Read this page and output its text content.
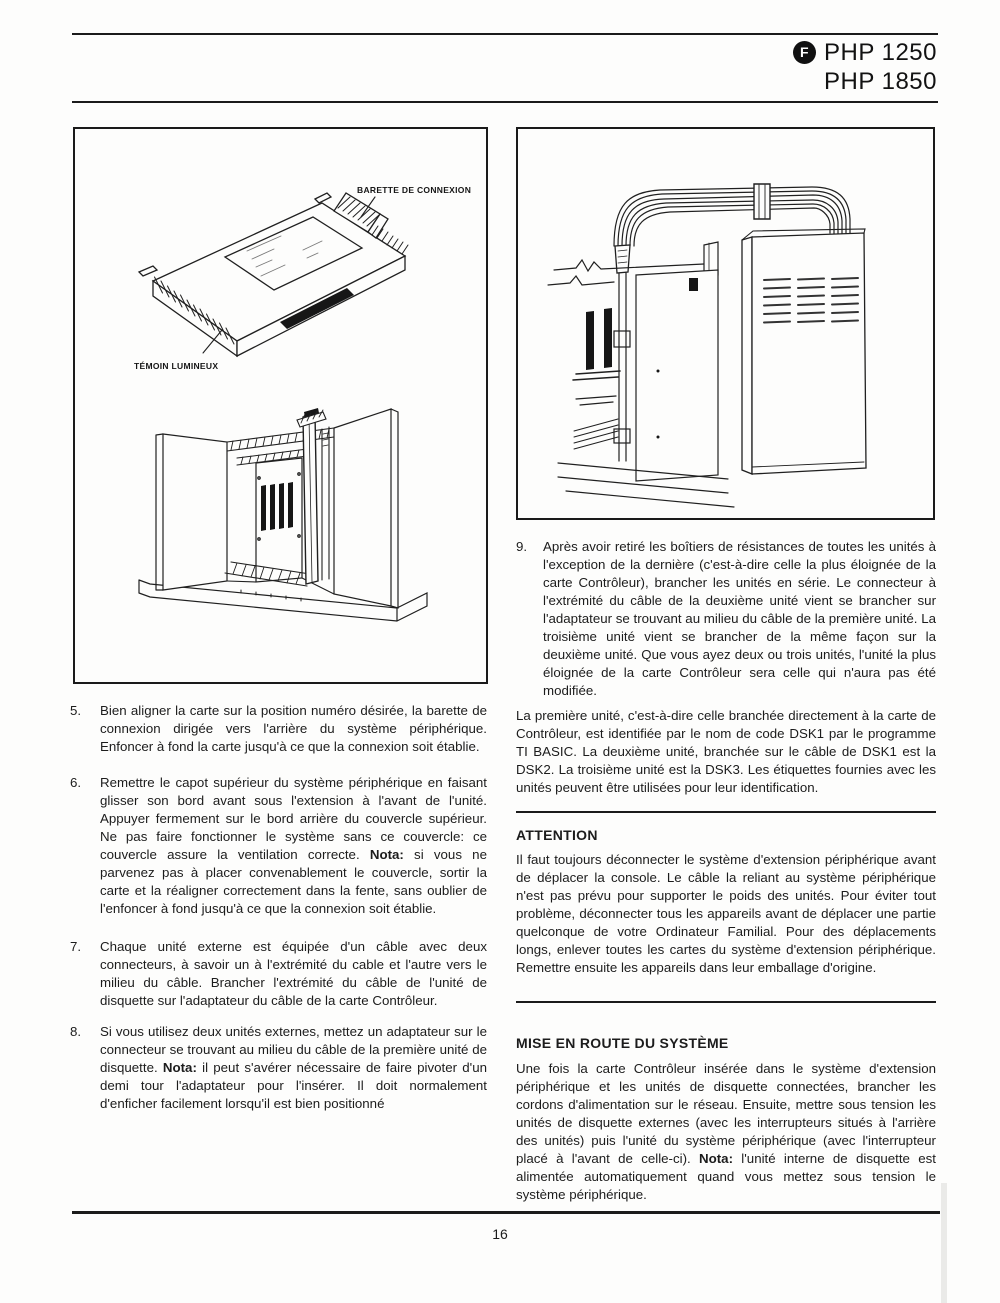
F PHP 1250
PHP 1850
BARETTE DE CONNEXION
TÉMOIN LUMINEUX
5.	Bien aligner la carte sur la position numéro désirée, la barette de connexion dirigée vers l'arrière du système périphérique. Enfoncer à fond la carte jusqu'à ce que la connexion soit établie.
6.	Remettre le capot supérieur du système périphérique en faisant glisser son bord avant sous l'extension à l'avant de l'unité. Appuyer fermement sur le bord arrière du couvercle supérieur. Ne pas faire fonctionner le système sans ce couvercle: ce couvercle assure la ventilation correcte. Nota: si vous ne parvenez pas à placer convenablement le couvercle, sortir la carte et la réaligner correctement dans la fente, sans oublier de l'enfoncer à fond jusqu'à ce que la connexion soit établie.
7.	Chaque unité externe est équipée d'un câble avec deux connecteurs, à savoir un à l'extrémité du cable et l'autre vers le milieu du câble. Brancher l'extrémité du câble de l'unité de disquette sur l'adaptateur du câble de la carte Contrôleur.
8.	Si vous utilisez deux unités externes, mettez un adaptateur sur le connecteur se trouvant au milieu du câble de la première unité de disquette. Nota: il peut s'avérer nécessaire de faire pivoter d'un demi tour l'adaptateur pour l'insérer. Il doit normalement d'enficher facilement lorsqu'il est bien positionné
9.	Après avoir retiré les boîtiers de résistances de toutes les unités à l'exception de la dernière (c'est-à-dire celle la plus éloignée de la carte Contrôleur), brancher les unités en série. Le connecteur à l'extrémité du câble de la deuxième unité vient se brancher sur l'adaptateur se trouvant au milieu du câble de la première unité. La troisième unité vient se brancher de la même façon sur la deuxième unité. Que vous ayez deux ou trois unités, l'unité la plus éloignée de la carte Contrôleur sera celle qui n'aura pas été modifiée.
La première unité, c'est-à-dire celle branchée directement à la carte de Contrôleur, est identifiée par le nom de code DSK1 par le programme TI BASIC. La deuxième unité, branchée sur le câble de DSK1 est la DSK2. La troisième unité est la DSK3. Les étiquettes fournies avec les unités peuvent être utilisées pour leur identification.
ATTENTION
Il faut toujours déconnecter le système d'extension périphérique avant de déplacer la console. Le câble la reliant au système périphérique n'est pas prévu pour supporter le poids des unités. Pour éviter tout problème, déconnecter tous les appareils avant de déplacer une partie quelconque de votre Ordinateur Familial. Pour des déplacements longs, enlever toutes les cartes du système d'extension périphérique. Remettre ensuite les appareils dans leur emballage d'origine.
MISE EN ROUTE DU SYSTÈME
Une fois la carte Contrôleur insérée dans le système d'extension périphérique et les unités de disquette connectées, brancher les cordons d'alimentation sur le réseau. Ensuite, mettre sous tension les unités de disquette externes (avec les interrupteurs situés à l'arrière des unités) puis l'unité du système périphérique (avec l'interrupteur placé à l'avant de celle-ci). Nota: l'unité interne de disquette est alimentée automatiquement quand vous mettez sous tension le système périphérique.
16
